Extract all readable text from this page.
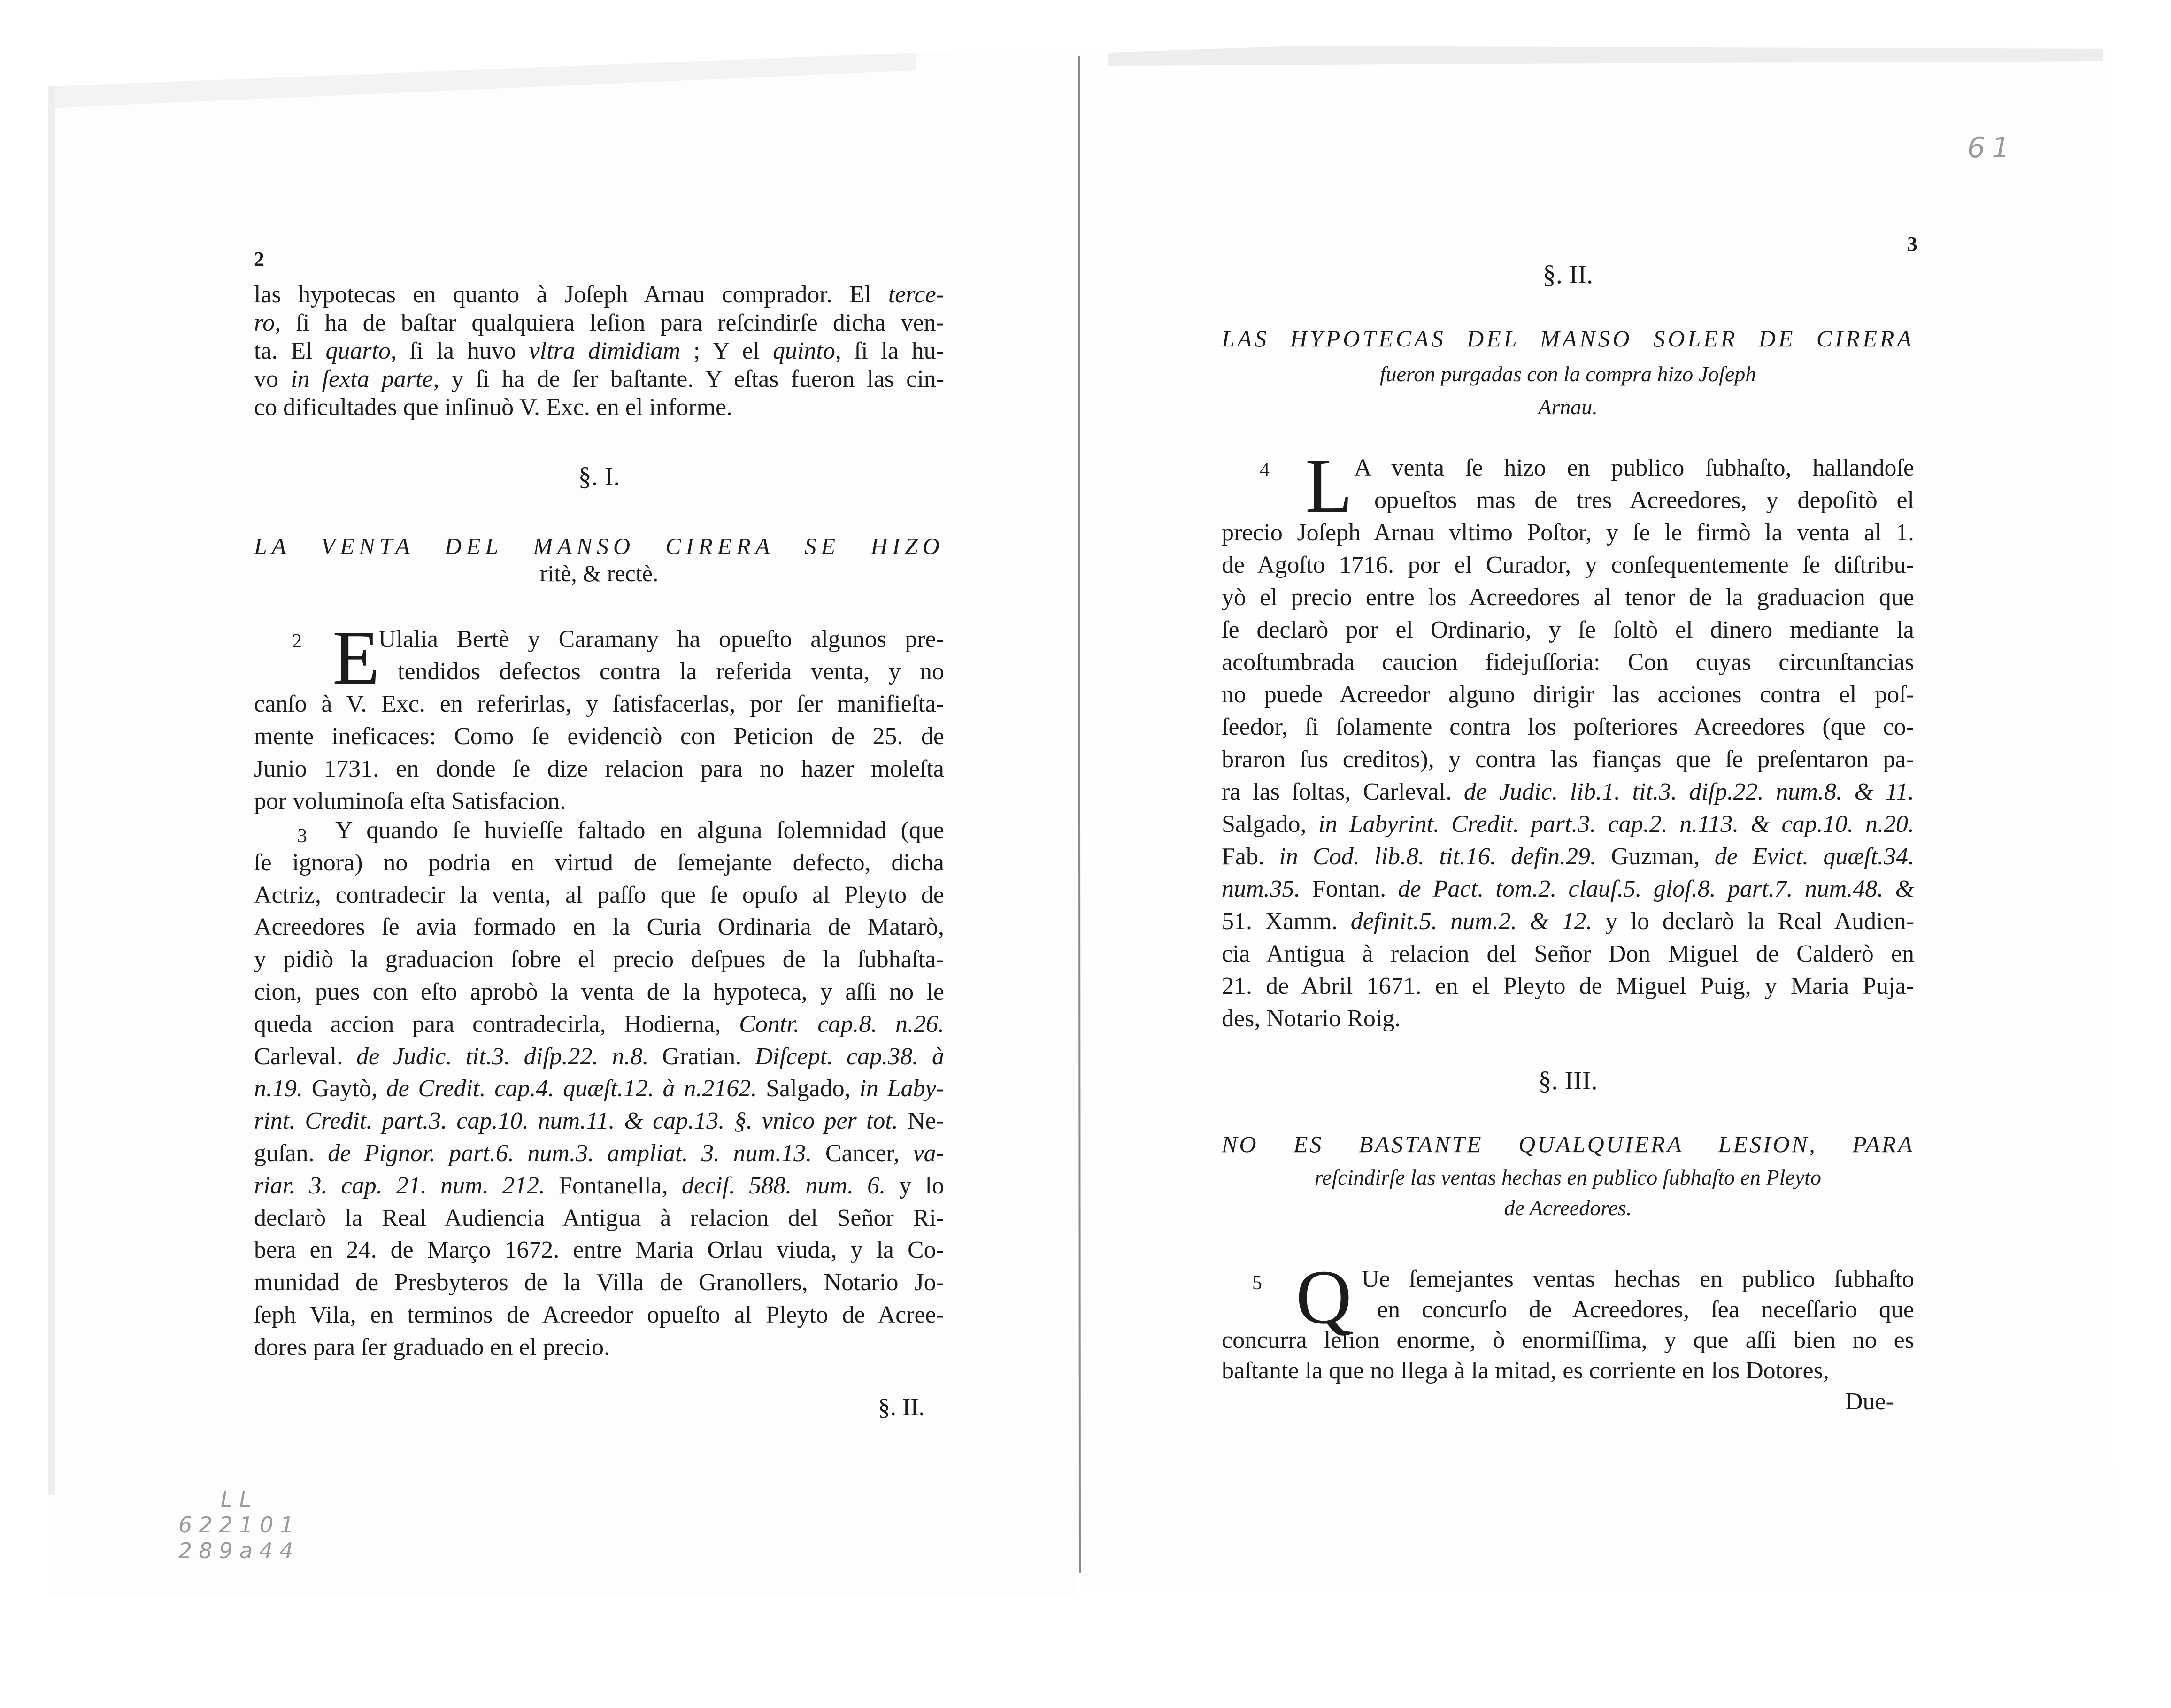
2
las hypotecas en quanto à Joſeph Arnau comprador. El terce-
ro, ſi ha de baſtar qualquiera leſion para reſcindirſe dicha ven-
ta. El quarto, ſi la huvo vltra dimidiam ; Y el quinto, ſi la hu-
vo in ſexta parte, y ſi ha de ſer baſtante. Y eſtas fueron las cin-
co dificultades que inſinuò V. Exc. en el informe.
§. I.
LA VENTA DEL MANSO CIRERA SE HIZO
ritè, & rectè.
2 E
Ulalia Bertè y Caramany ha opueſto algunos pre-
tendidos defectos contra la referida venta, y no
canſo à V. Exc. en referirlas, y ſatisfacerlas, por ſer manifieſta-
mente ineficaces: Como ſe evidenciò con Peticion de 25. de
Junio 1731. en donde ſe dize relacion para no hazer moleſta
por voluminoſa eſta Satisfacion.
3	Y quando ſe huvieſſe faltado en alguna ſolemnidad (que
ſe ignora) no podria en virtud de ſemejante defecto, dicha
Actriz, contradecir la venta, al paſſo que ſe opuſo al Pleyto de
Acreedores ſe avia formado en la Curia Ordinaria de Matarò,
y pidiò la graduacion ſobre el precio deſpues de la ſubhaſta-
cion, pues con eſto aprobò la venta de la hypoteca, y aſſi no le
queda accion para contradecirla, Hodierna, Contr. cap.8. n.26.
Carleval. de Judic. tit.3. diſp.22. n.8. Gratian. Diſcept. cap.38. à
n.19. Gaytò, de Credit. cap.4. quæſt.12. à n.2162. Salgado, in Laby-
rint. Credit. part.3. cap.10. num.11. & cap.13. §. vnico per tot. Ne-
guſan. de Pignor. part.6. num.3. ampliat. 3. num.13. Cancer, va-
riar. 3. cap. 21. num. 212. Fontanella, deciſ. 588. num. 6. y lo
declarò la Real Audiencia Antigua à relacion del Señor Ri-
bera en 24. de Março 1672. entre Maria Orlau viuda, y la Co-
munidad de Presbyteros de la Villa de Granollers, Notario Jo-
ſeph Vila, en terminos de Acreedor opueſto al Pleyto de Acree-
dores para ſer graduado en el precio.
§. II.
LL
622101
289a44
61
3
§. II.
LAS HYPOTECAS DEL MANSO SOLER DE CIRERA
fueron purgadas con la compra hizo Joſeph
Arnau.
4 L A venta ſe hizo en publico ſubhaſto, hallandoſe
opueſtos mas de tres Acreedores, y depoſitò el
precio Joſeph Arnau vltimo Poſtor, y ſe le firmò la venta al 1.
de Agoſto 1716. por el Curador, y conſequentemente ſe diſtribu-
yò el precio entre los Acreedores al tenor de la graduacion que
ſe declarò por el Ordinario, y ſe ſoltò el dinero mediante la
acoſtumbrada caucion fidejuſſoria: Con cuyas circunſtancias
no puede Acreedor alguno dirigir las acciones contra el poſ-
ſeedor, ſi ſolamente contra los poſteriores Acreedores (que co-
braron ſus creditos), y contra las fianças que ſe preſentaron pa-
ra las ſoltas, Carleval. de Judic. lib.1. tit.3. diſp.22. num.8. & 11.
Salgado, in Labyrint. Credit. part.3. cap.2. n.113. & cap.10. n.20.
Fab. in Cod. lib.8. tit.16. defin.29. Guzman, de Evict. quæſt.34.
num.35. Fontan. de Pact. tom.2. clauſ.5. gloſ.8. part.7. num.48. &
51. Xamm. definit.5. num.2. & 12. y lo declarò la Real Audien-
cia Antigua à relacion del Señor Don Miguel de Calderò en
21. de Abril 1671. en el Pleyto de Miguel Puig, y Maria Puja-
des, Notario Roig.
§. III.
NO ES BASTANTE QUALQUIERA LESION, PARA
reſcindirſe las ventas hechas en publico ſubhaſto en Pleyto
de Acreedores.
5 Q Ue ſemejantes ventas hechas en publico ſubhaſto
en concurſo de Acreedores, ſea neceſſario que
concurra leſion enorme, ò enormiſſima, y que aſſi bien no es
baſtante la que no llega à la mitad, es corriente en los Dotores,
Due-
